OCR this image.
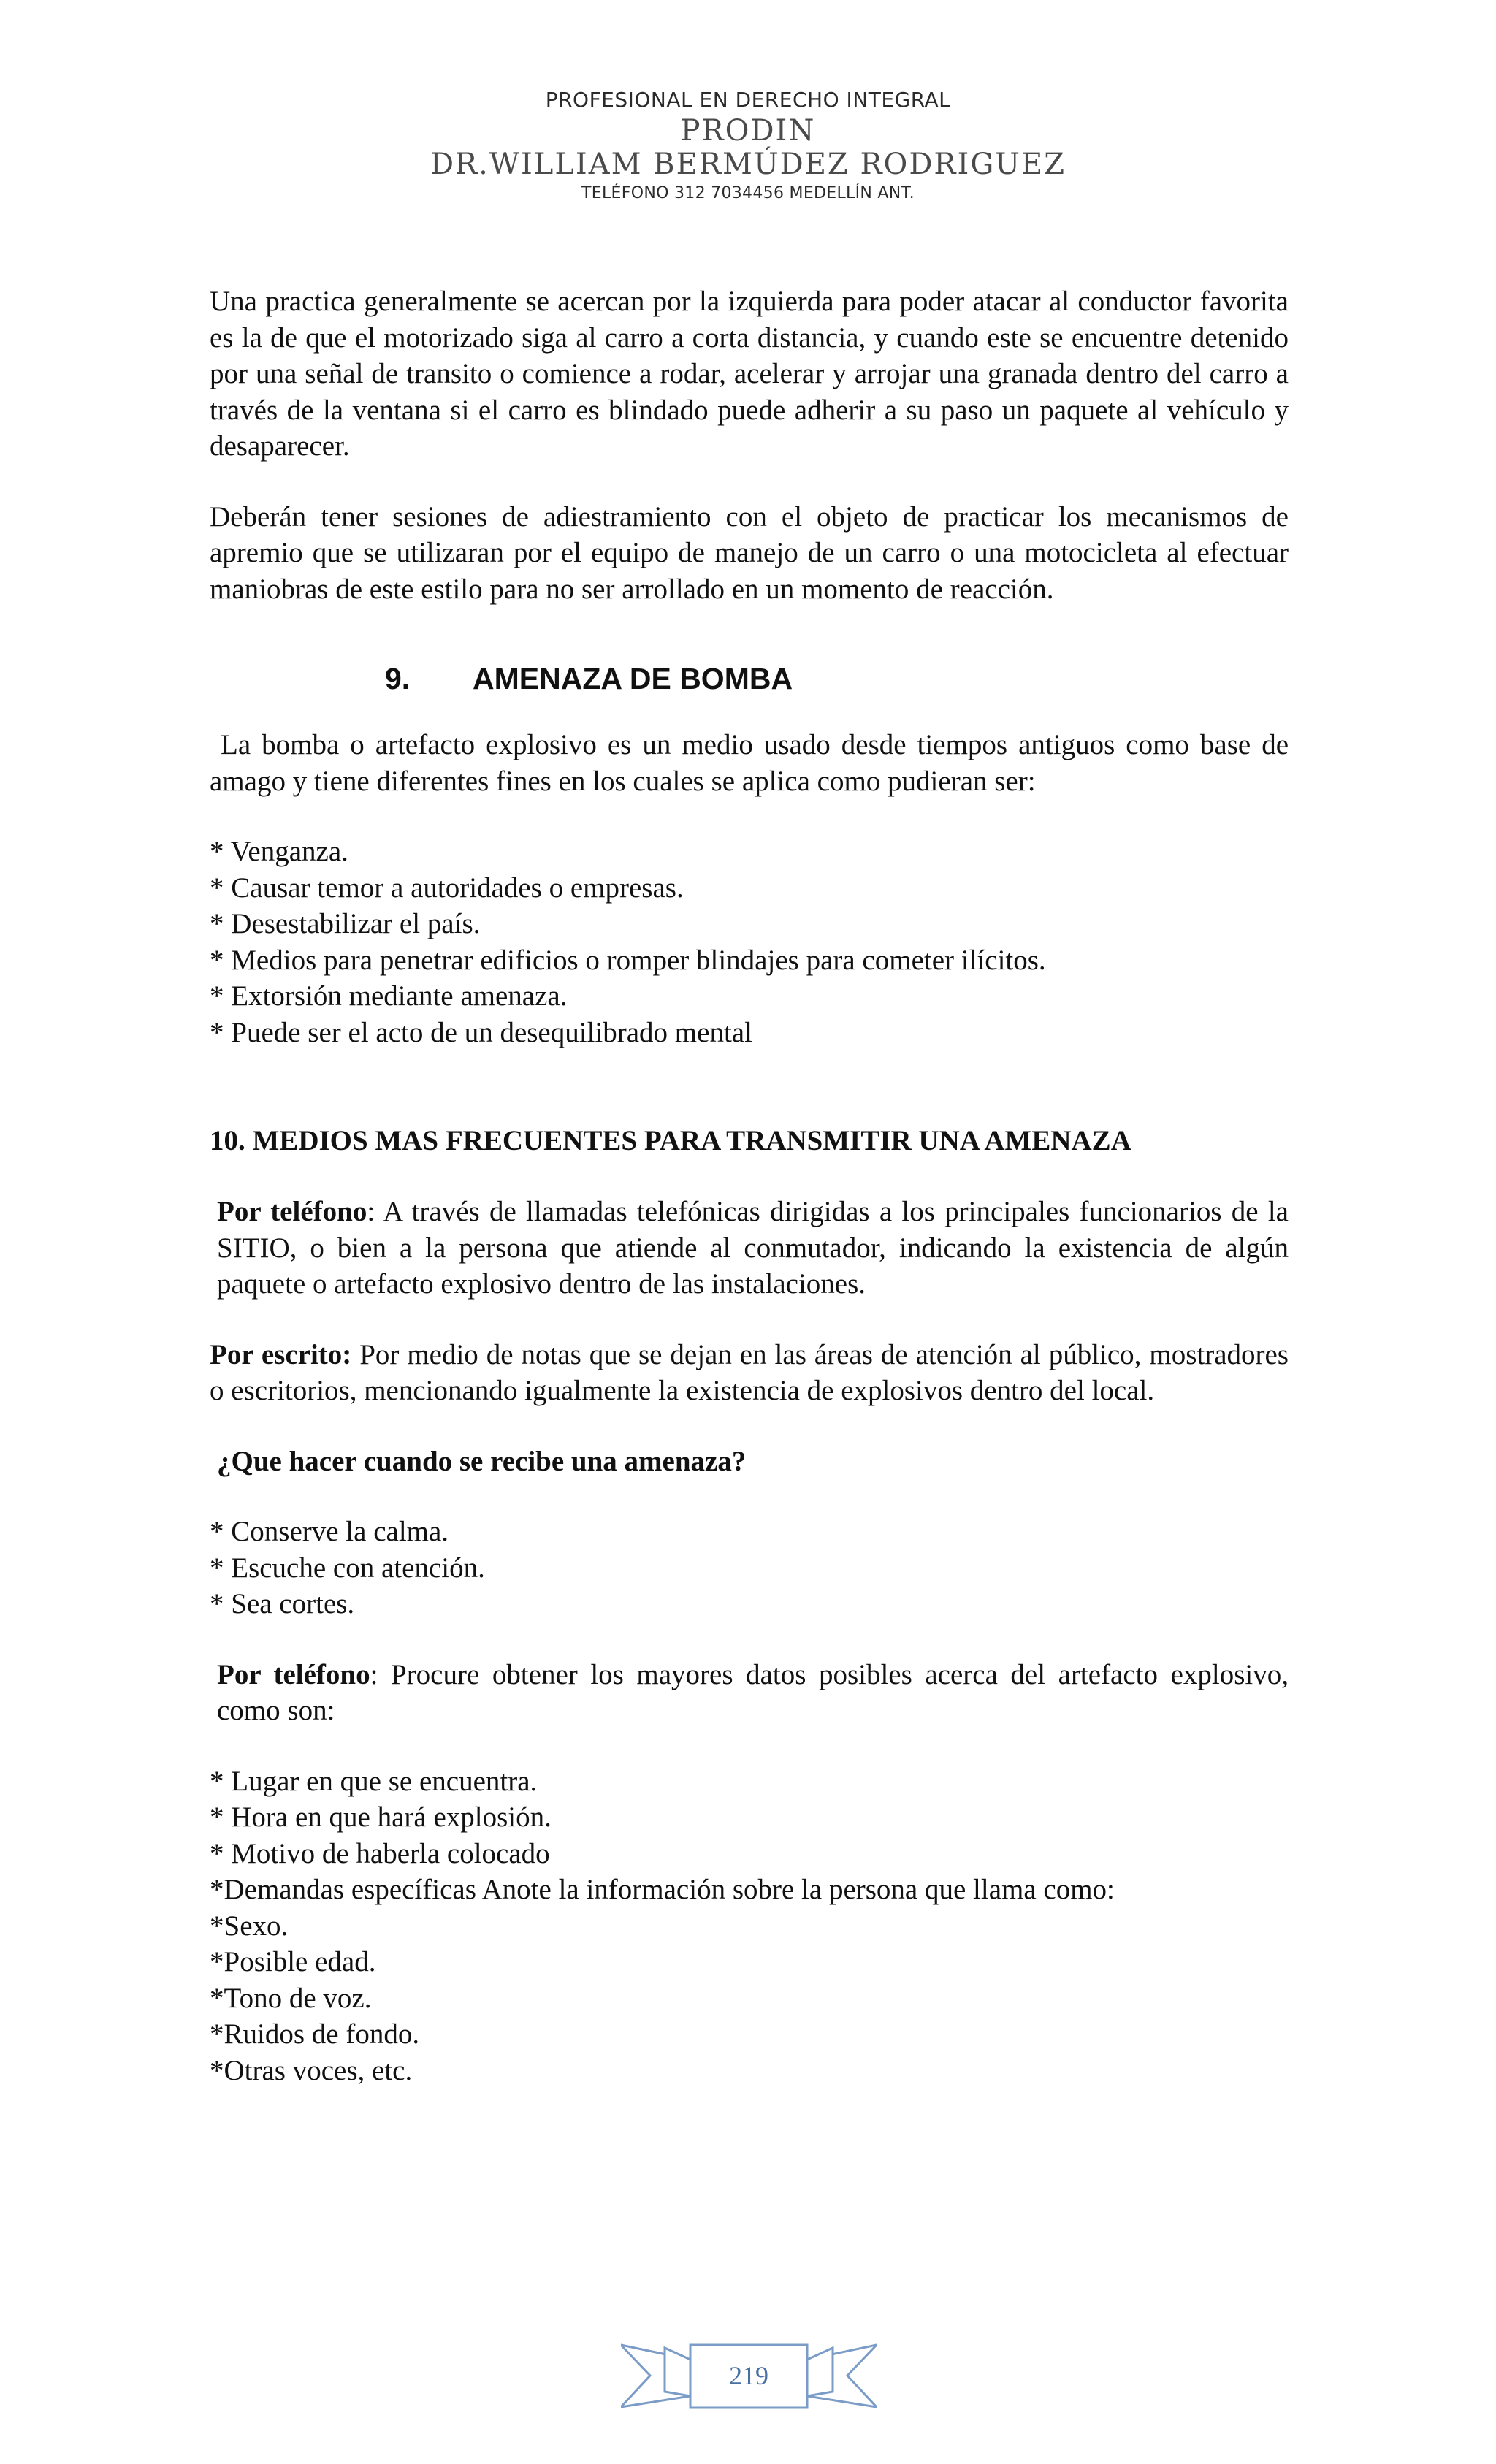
PROFESIONAL EN DERECHO INTEGRAL
PRODIN
DR.WILLIAM BERMÚDEZ RODRIGUEZ
TELÉFONO 312 7034456 MEDELLÍN ANT.

Una practica generalmente se acercan por la izquierda para poder atacar al conductor favorita es la de que el motorizado siga al carro a corta distancia, y cuando este se encuentre detenido por una señal de transito o comience a rodar, acelerar y arrojar una granada dentro del carro a través de la ventana si el carro es blindado puede adherir a su paso un paquete al vehículo y desaparecer.

Deberán tener sesiones de adiestramiento con el objeto de practicar los mecanismos de apremio que se utilizaran por el equipo de manejo de un carro o una motocicleta al efectuar maniobras de este estilo para no ser arrollado en un momento de reacción.

9. AMENAZA DE BOMBA

La bomba o artefacto explosivo es un medio usado desde tiempos antiguos como base de amago y tiene diferentes fines en los cuales se aplica como pudieran ser:

* Venganza.
* Causar temor a autoridades o empresas.
* Desestabilizar el país.
* Medios para penetrar edificios o romper blindajes para cometer ilícitos.
* Extorsión mediante amenaza.
* Puede ser el acto de un desequilibrado mental
10. MEDIOS MAS FRECUENTES PARA TRANSMITIR UNA AMENAZA

Por teléfono: A través de llamadas telefónicas dirigidas a los principales funcionarios de la SITIO, o bien a la persona que atiende al conmutador, indicando la existencia de algún paquete o artefacto explosivo dentro de las instalaciones.

Por escrito: Por medio de notas que se dejan en las áreas de atención al público, mostradores o escritorios, mencionando igualmente la existencia de explosivos dentro del local.

¿Que hacer cuando se recibe una amenaza?

* Conserve la calma.
* Escuche con atención.
* Sea cortes.

Por teléfono: Procure obtener los mayores datos posibles acerca del artefacto explosivo, como son:

* Lugar en que se encuentra.
* Hora en que hará explosión.
* Motivo de haberla colocado
*Demandas específicas Anote la información sobre la persona que llama como:
*Sexo.
*Posible edad.
*Tono de voz.
*Ruidos de fondo.
*Otras voces, etc.
219
